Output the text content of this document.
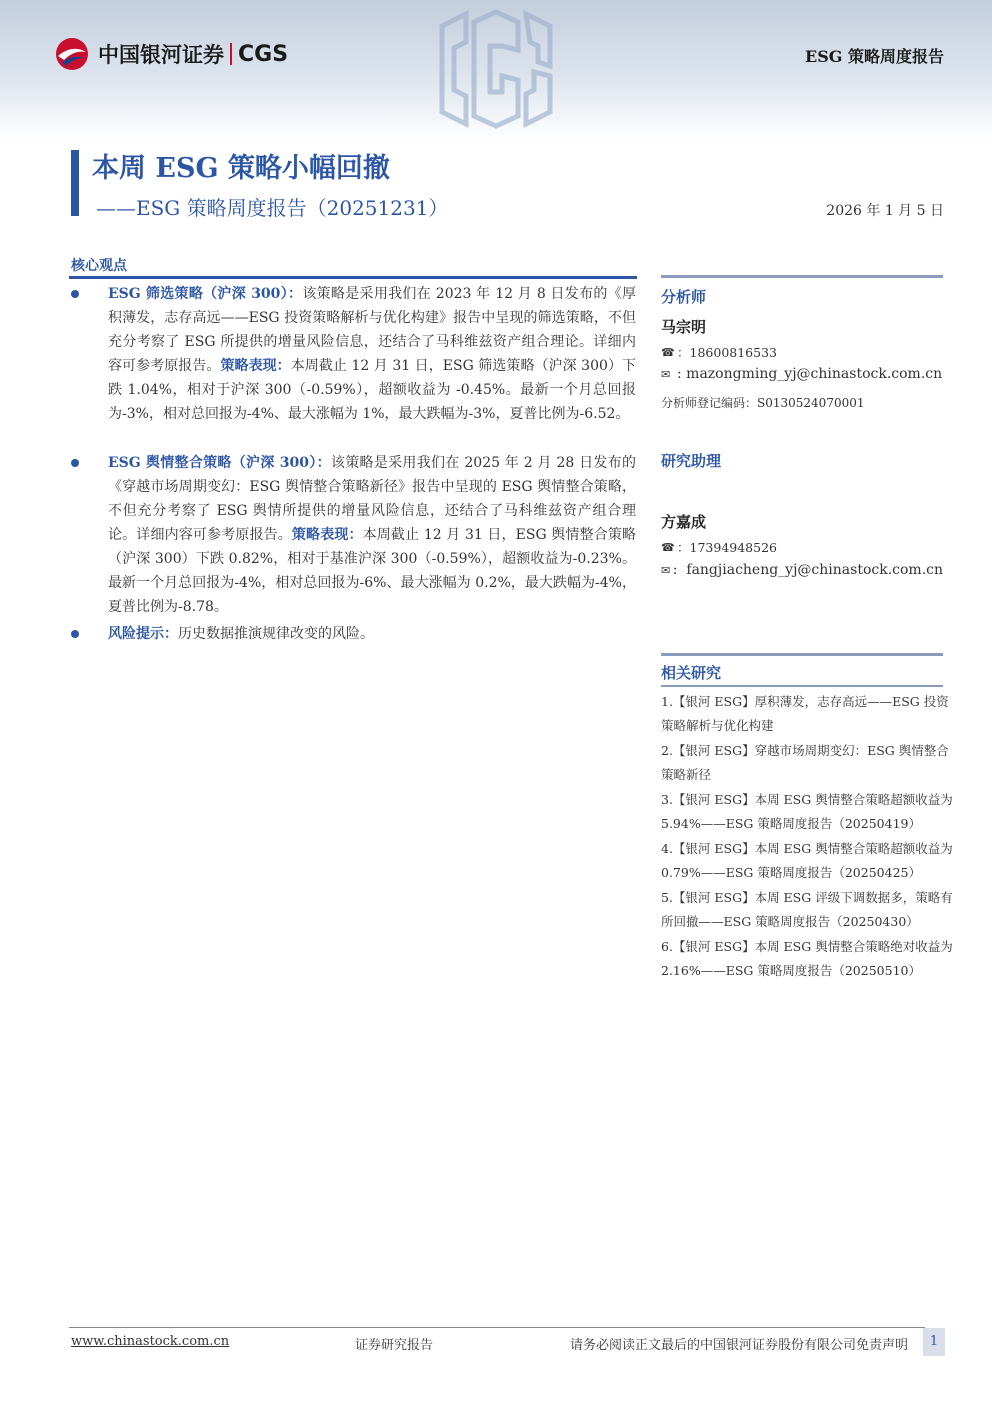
中国银河证券 CGS	ESG 策略周度报告
本周 ESG 策略小幅回撤
——ESG 策略周度报告（20251231）	2026 年 1 月 5 日
核心观点
ESG 筛选策略（沪深 300）：该策略是采用我们在 2023 年 12 月 8 日发布的《厚积薄发，志存高远——ESG 投资策略解析与优化构建》报告中呈现的筛选策略，不但充分考察了 ESG 所提供的增量风险信息，还结合了马科维兹资产组合理论。详细内容可参考原报告。策略表现：本周截止 12 月 31 日，ESG 筛选策略（沪深 300）下跌 1.04%，相对于沪深 300（-0.59%），超额收益为 -0.45%。最新一个月总回报为-3%，相对总回报为-4%、最大涨幅为 1%，最大跌幅为-3%，夏普比例为-6.52。
ESG 舆情整合策略（沪深 300）：该策略是采用我们在 2025 年 2 月 28 日发布的《穿越市场周期变幻：ESG 舆情整合策略新径》报告中呈现的 ESG 舆情整合策略，不但充分考察了 ESG 舆情所提供的增量风险信息，还结合了马科维兹资产组合理论。详细内容可参考原报告。策略表现：本周截止 12 月 31 日，ESG 舆情整合策略（沪深 300）下跌 0.82%，相对于基准沪深 300（-0.59%），超额收益为-0.23%。最新一个月总回报为-4%，相对总回报为-6%、最大涨幅为 0.2%，最大跌幅为-4%，夏普比例为-8.78。
风险提示：历史数据推演规律改变的风险。
分析师
马宗明
☎ ： 18600816533
✉ : mazongming_yj@chinastock.com.cn
分析师登记编码：S0130524070001
研究助理
方嘉成
☎ ： 17394948526
✉ : fangjiacheng_yj@chinastock.com.cn
相关研究
1.【银河 ESG】厚积薄发，志存高远——ESG 投资策略解析与优化构建
2.【银河 ESG】穿越市场周期变幻：ESG 舆情整合策略新径
3.【银河 ESG】本周 ESG 舆情整合策略超额收益为 5.94%——ESG 策略周度报告（20250419）
4.【银河 ESG】本周 ESG 舆情整合策略超额收益为 0.79%——ESG 策略周度报告（20250425）
5.【银河 ESG】本周 ESG 评级下调数据多，策略有所回撤——ESG 策略周度报告（20250430）
6.【银河 ESG】本周 ESG 舆情整合策略绝对收益为 2.16%——ESG 策略周度报告（20250510）
www.chinastock.com.cn	证券研究报告	请务必阅读正文最后的中国银河证券股份有限公司免责声明	1
